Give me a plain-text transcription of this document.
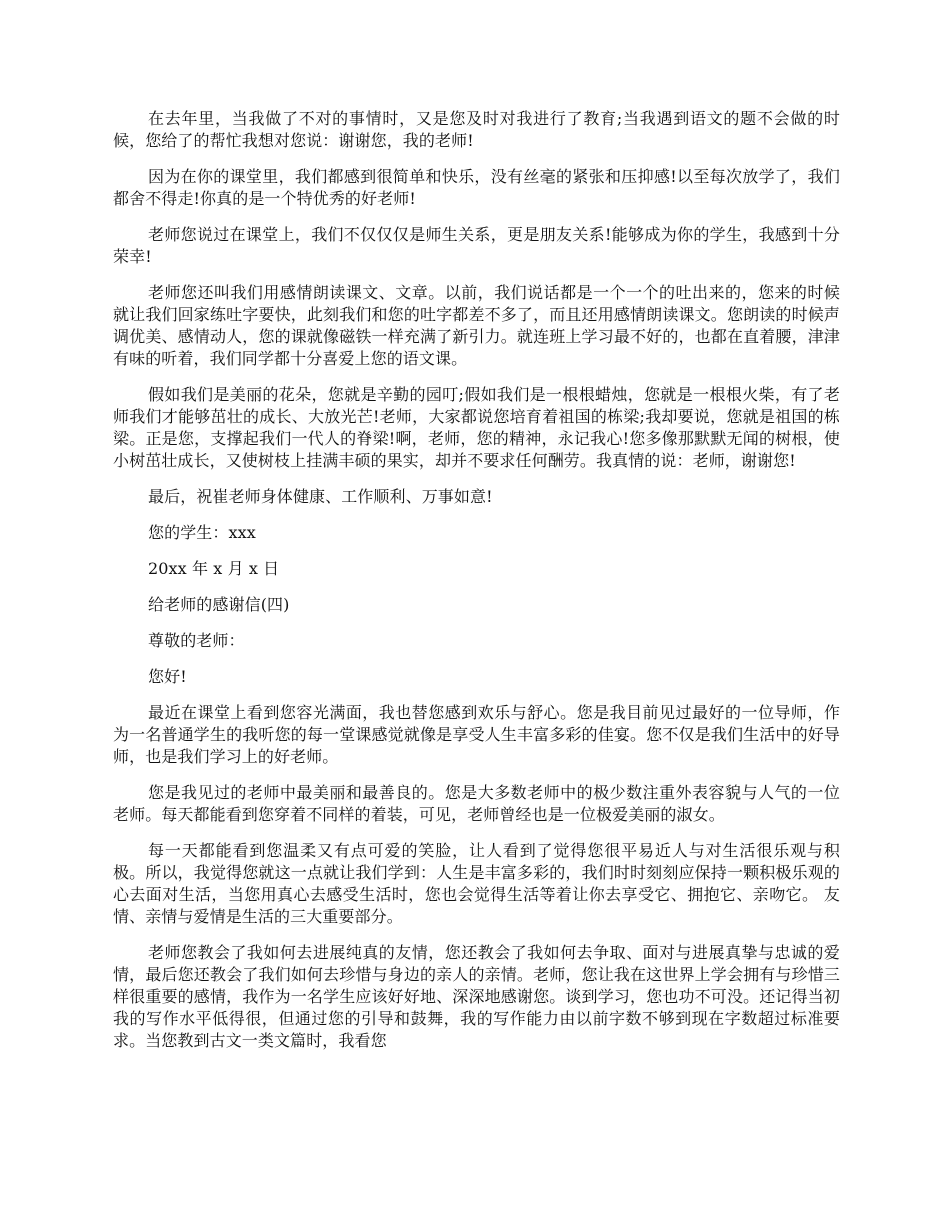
在去年里，当我做了不对的事情时，又是您及时对我进行了教育;当我遇到语文的题不会做的时候，您给了的帮忙我想对您说：谢谢您，我的老师!

因为在你的课堂里，我们都感到很简单和快乐，没有丝毫的紧张和压抑感!以至每次放学了，我们都舍不得走!你真的是一个特优秀的好老师!

老师您说过在课堂上，我们不仅仅仅是师生关系，更是朋友关系!能够成为你的学生，我感到十分荣幸!

老师您还叫我们用感情朗读课文、文章。以前，我们说话都是一个一个的吐出来的，您来的时候就让我们回家练吐字要快，此刻我们和您的吐字都差不多了，而且还用感情朗读课文。您朗读的时候声调优美、感情动人，您的课就像磁铁一样充满了新引力。就连班上学习最不好的，也都在直着腰，津津有味的听着，我们同学都十分喜爱上您的语文课。

假如我们是美丽的花朵，您就是辛勤的园叮;假如我们是一根根蜡烛，您就是一根根火柴，有了老师我们才能够茁壮的成长、大放光芒!老师，大家都说您培育着祖国的栋梁;我却要说，您就是祖国的栋梁。正是您，支撑起我们一代人的脊梁!啊，老师，您的精神，永记我心!您多像那默默无闻的树根，使小树茁壮成长，又使树枝上挂满丰硕的果实，却并不要求任何酬劳。我真情的说：老师，谢谢您!

最后，祝崔老师身体健康、工作顺利、万事如意!

您的学生：xxx

20xx 年 x 月 x 日

给老师的感谢信(四)

尊敬的老师：

您好!

最近在课堂上看到您容光满面，我也替您感到欢乐与舒心。您是我目前见过最好的一位导师，作为一名普通学生的我听您的每一堂课感觉就像是享受人生丰富多彩的佳宴。您不仅是我们生活中的好导师，也是我们学习上的好老师。

您是我见过的老师中最美丽和最善良的。您是大多数老师中的极少数注重外表容貌与人气的一位老师。每天都能看到您穿着不同样的着装，可见，老师曾经也是一位极爱美丽的淑女。

每一天都能看到您温柔又有点可爱的笑脸，让人看到了觉得您很平易近人与对生活很乐观与积极。所以，我觉得您就这一点就让我们学到：人生是丰富多彩的，我们时时刻刻应保持一颗积极乐观的心去面对生活，当您用真心去感受生活时，您也会觉得生活等着让你去享受它、拥抱它、亲吻它。 友情、亲情与爱情是生活的三大重要部分。

老师您教会了我如何去进展纯真的友情，您还教会了我如何去争取、面对与进展真挚与忠诚的爱情，最后您还教会了我们如何去珍惜与身边的亲人的亲情。老师，您让我在这世界上学会拥有与珍惜三样很重要的感情，我作为一名学生应该好好地、深深地感谢您。谈到学习，您也功不可没。还记得当初我的写作水平低得很，但通过您的引导和鼓舞，我的写作能力由以前字数不够到现在字数超过标准要求。当您教到古文一类文篇时，我看您
